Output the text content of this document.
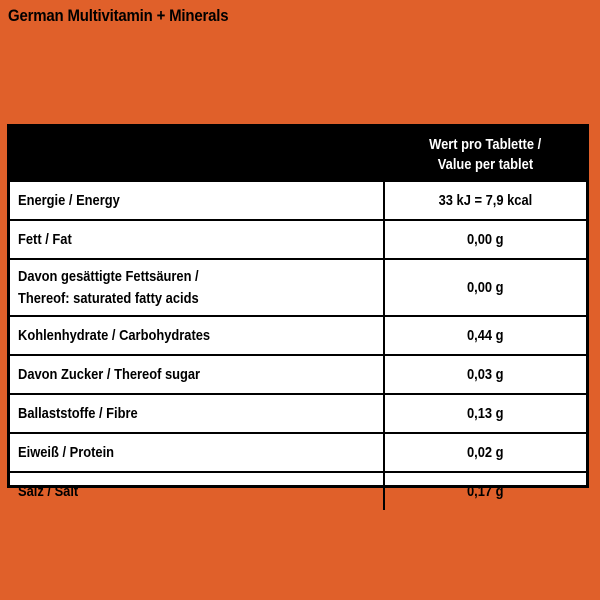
German Multivitamin + Minerals
	Wert pro Tablette /
Value per tablet
Energie / Energy	33 kJ = 7,9 kcal
Fett / Fat	0,00 g
Davon gesättigte Fettsäuren /
Thereof: saturated fatty acids	0,00 g
Kohlenhydrate / Carbohydrates	0,44 g
Davon Zucker / Thereof sugar	0,03 g
Ballaststoffe / Fibre	0,13 g
Eiweiß / Protein	0,02 g
Salz / Salt	0,17 g
